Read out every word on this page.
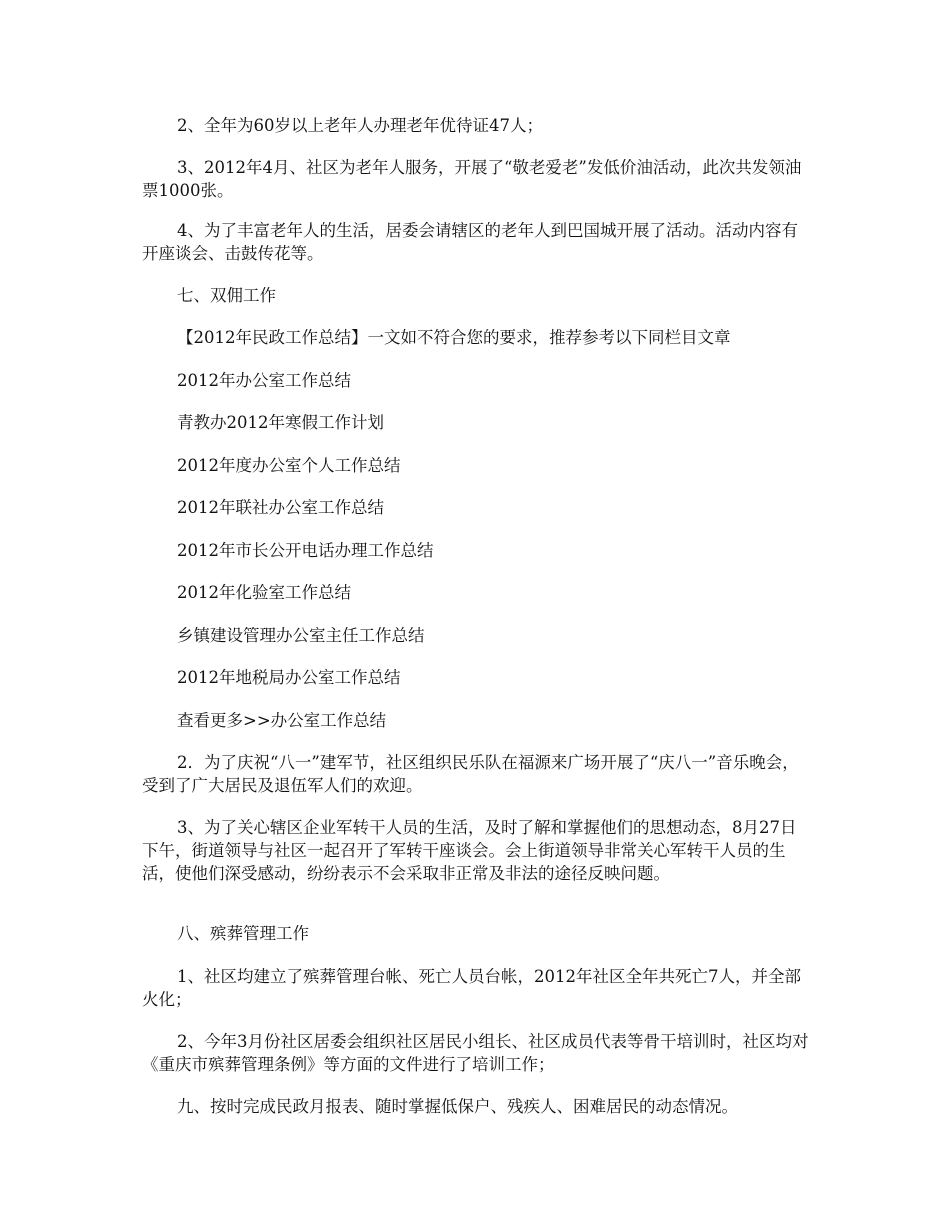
2、全年为60岁以上老年人办理老年优待证47人；

3、2012年4月、社区为老年人服务，开展了“敬老爱老”发低价油活动，此次共发领油票1000张。

4、为了丰富老年人的生活，居委会请辖区的老年人到巴国城开展了活动。活动内容有开座谈会、击鼓传花等。

七、双佣工作

【2012年民政工作总结】一文如不符合您的要求，推荐参考以下同栏目文章

2012年办公室工作总结
青教办2012年寒假工作计划
2012年度办公室个人工作总结
2012年联社办公室工作总结
2012年市长公开电话办理工作总结
2012年化验室工作总结
乡镇建设管理办公室主任工作总结
2012年地税局办公室工作总结
查看更多>>办公室工作总结

2．为了庆祝“八一”建军节，社区组织民乐队在福源来广场开展了“庆八一”音乐晚会，受到了广大居民及退伍军人们的欢迎。

3、为了关心辖区企业军转干人员的生活，及时了解和掌握他们的思想动态，8月27日下午，街道领导与社区一起召开了军转干座谈会。会上街道领导非常关心军转干人员的生活，使他们深受感动，纷纷表示不会采取非正常及非法的途径反映问题。

八、殡葬管理工作

1、社区均建立了殡葬管理台帐、死亡人员台帐，2012年社区全年共死亡7人，并全部火化；

2、今年3月份社区居委会组织社区居民小组长、社区成员代表等骨干培训时，社区均对《重庆市殡葬管理条例》等方面的文件进行了培训工作；

九、按时完成民政月报表、随时掌握低保户、残疾人、困难居民的动态情况。
